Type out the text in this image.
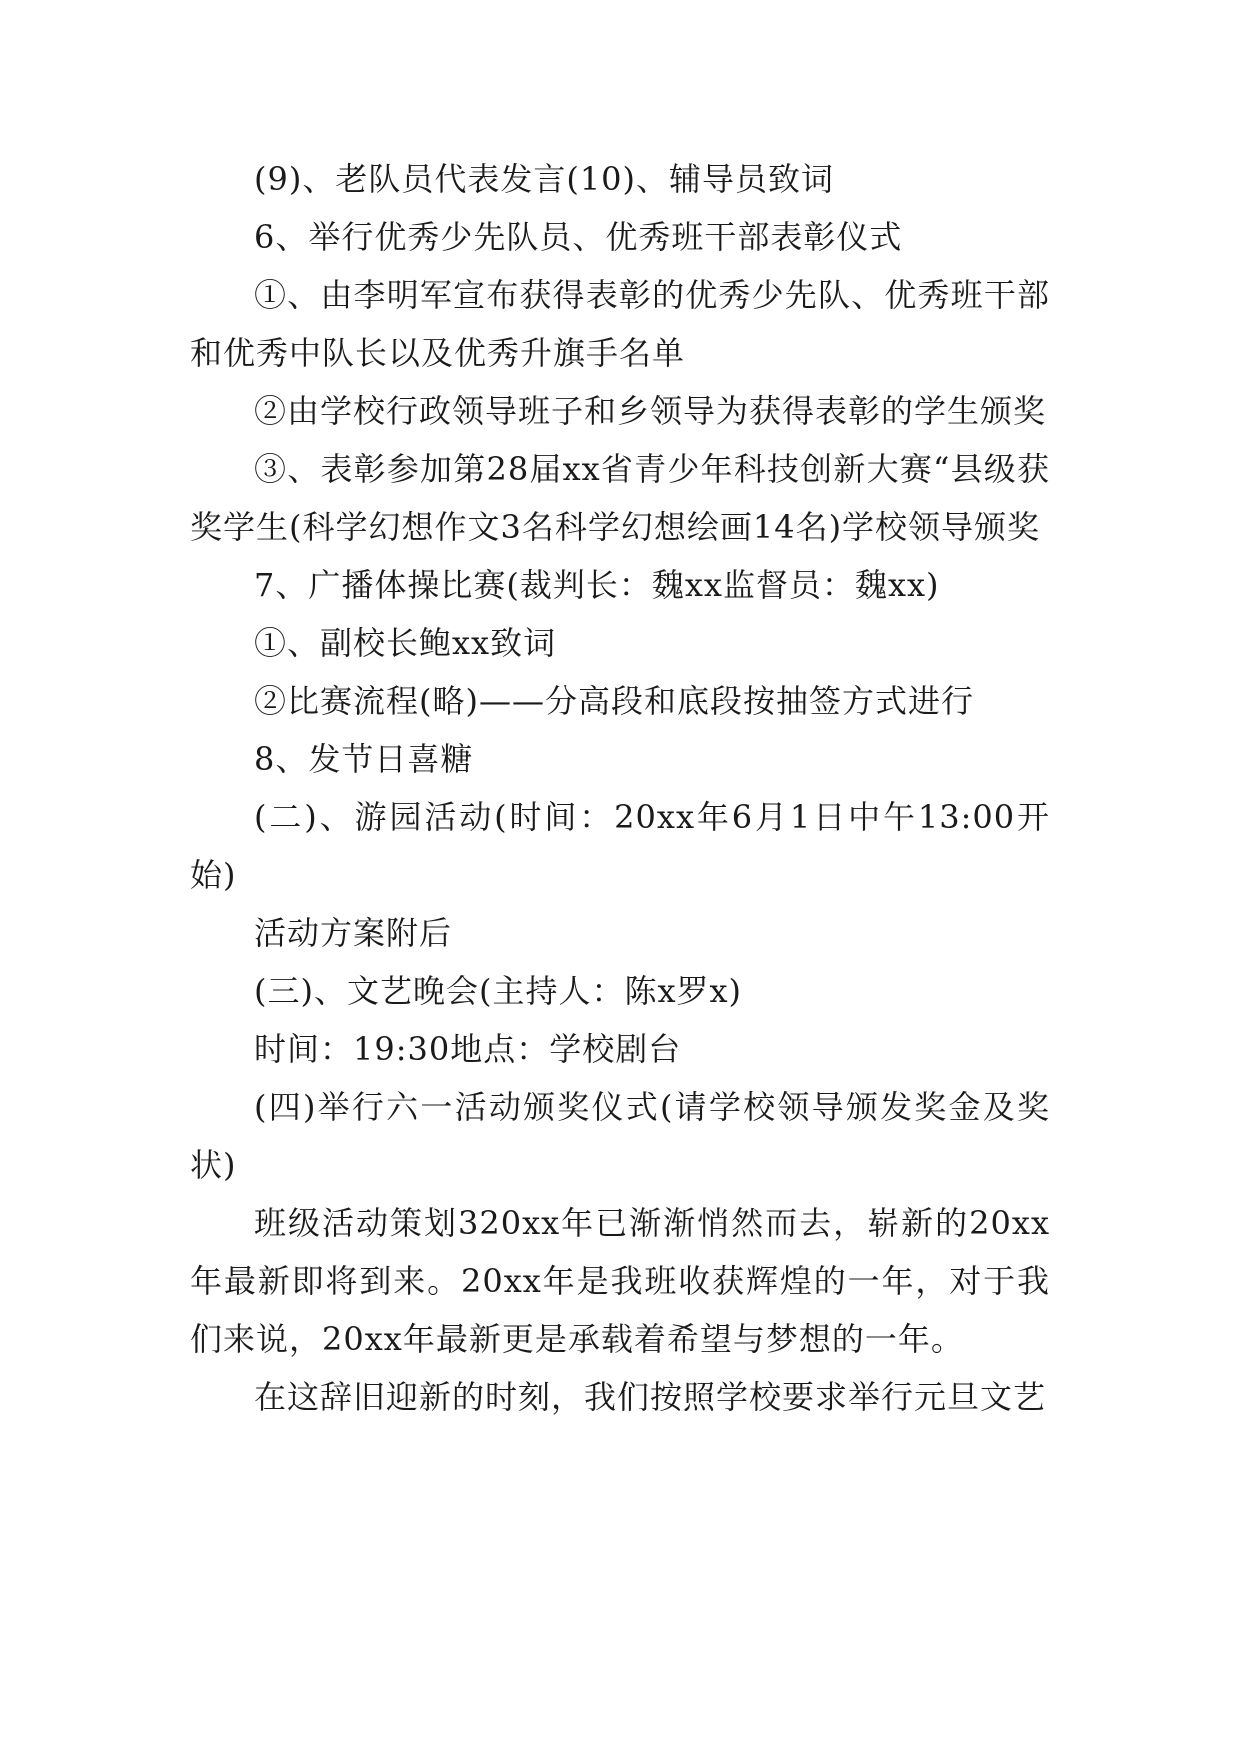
(9)、老队员代表发言(10)、辅导员致词

6、举行优秀少先队员、优秀班干部表彰仪式

①、由李明军宣布获得表彰的优秀少先队、优秀班干部和优秀中队长以及优秀升旗手名单

②由学校行政领导班子和乡领导为获得表彰的学生颁奖

③、表彰参加第28届xx省青少年科技创新大赛“县级获奖学生(科学幻想作文3名科学幻想绘画14名)学校领导颁奖

7、广播体操比赛(裁判长：魏xx监督员：魏xx)

①、副校长鲍xx致词

②比赛流程(略)——分高段和底段按抽签方式进行

8、发节日喜糖

(二)、游园活动(时间：20xx年6月1日中午13:00开始)

活动方案附后

(三)、文艺晚会(主持人：陈x罗x)

时间：19:30地点：学校剧台

(四)举行六一活动颁奖仪式(请学校领导颁发奖金及奖状)

班级活动策划320xx年已渐渐悄然而去，崭新的20xx年最新即将到来。20xx年是我班收获辉煌的一年，对于我们来说，20xx年最新更是承载着希望与梦想的一年。

在这辞旧迎新的时刻，我们按照学校要求举行元旦文艺
